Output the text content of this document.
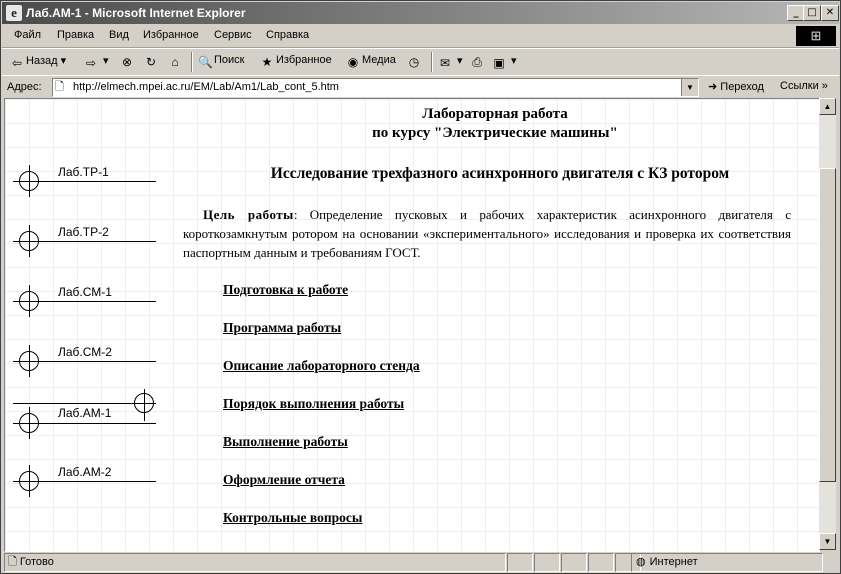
e Лаб.АМ-1 - Microsoft Internet Explorer	_ □ ✕
Файл Правка Вид Избранное Сервис Справка	⊞
⇦ Назад ▾ ⇨ ▾ ⊗	↻	⌂	🔍Поиск ★ Избранное ◉ Медиа ◷	✉ ▾ ⎙ ▣ ▾
Адрес: 🗋 http://elmech.mpei.ac.ru/EM/Lab/Am1/Lab_cont_5.htm	▼	➜ Переход Ссылки »
Лабораторная работа
по курсу "Электрические машины"
Исследование трехфазного асинхронного двигателя с КЗ ротором
Цель работы: Определение пусковых и рабочих характеристик асинхронного двигателя с короткозамкнутым ротором на основании «экспериментального» исследования и проверка их соответствия паспортным данным и требованиям ГОСТ.
Лаб.ТР-1
Лаб.ТР-2
Лаб.СМ-1
Лаб.СМ-2
Лаб.АМ-1
Лаб.АМ-2
Подготовка к работе
Программа работы
Описание лабораторного стенда
Порядок выполнения работы
Выполнение работы
Оформление отчета
Контрольные вопросы
▲
▼
🗋 Готово	◍ Интернет
